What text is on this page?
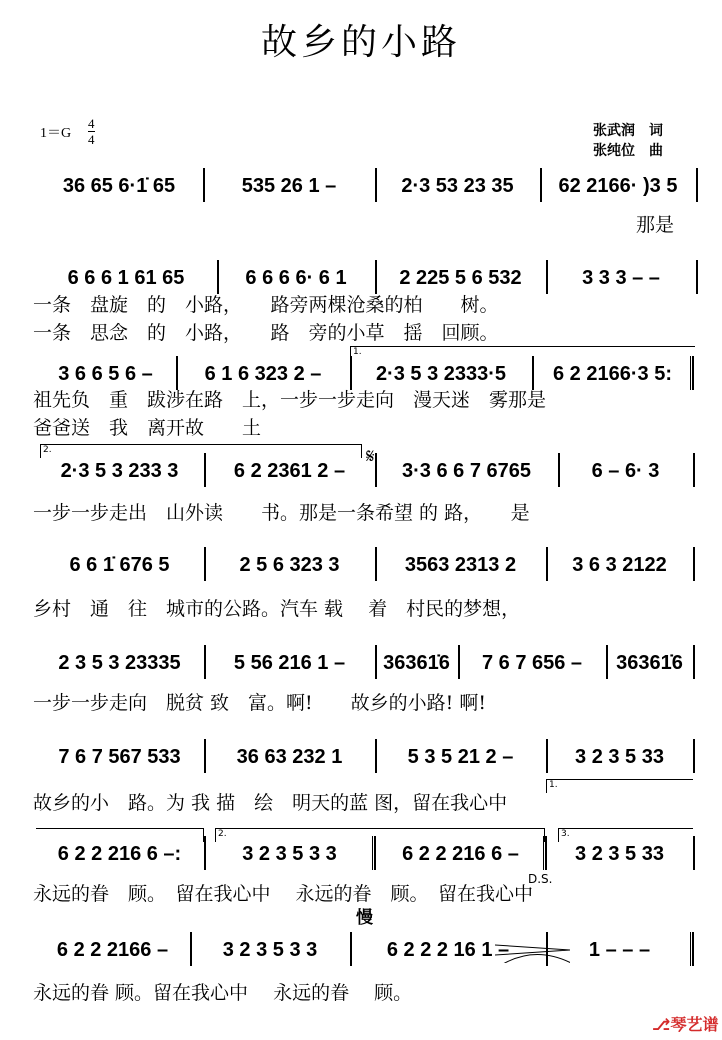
故乡的小路
1＝G
4
4
张武润　词
张纯位　曲
36 65 6·1̇ 65	535 26 1 –	2·3 53 23 35	62 2166· )3 5
那是
6 6 6 1 61 65	6 6 6 6· 6 1	2 225 5 6 532	3 3 3 – –
一条　盘旋　的　小路，　　路旁两棵沧桑的柏　　树。
一条　思念　的　小路，　　路　旁的小草　揺　回顾。
3 6 6 5 6 –	6 1 6 323 2 –	2·3 5 3 2333·5	6 2 2166·3 5:
祖先负　重　跋涉在路　上，一步一步走向　漫天迷　雾那是
爸爸送　我　离开故　　土
2·3 5 3 233 3	6 2 2361 2 –	3·3 6 6 7 6765	6 – 6· 3
一步一步走出　山外读　　书。那是一条希望 的 路，　　是
6 6 1̇ 676 5	2 5 6 323 3	3563 2313 2	3 6 3 2122
乡村　通　往　城市的公路。汽车 载　 着　村民的梦想，
2 3 5 3 23335	5 56 216 1 –	36361̇6	7 6 7 656 –	36361̇6
一步一步走向　脱贫 致　富。啊!　　故乡的小路! 啊!
7 6 7 567 533	36 63 232 1	5 3 5 21 2 –	3 2 3 5 33
故乡的小　路。为 我 描　绘　明天的蓝 图，留在我心中
6 2 2 216 6 –:	3 2 3 5 3 3	6 2 2 216 6 –	3 2 3 5 33
永远的眷　顾。　留在我心中　 永远的眷　顾。　留在我心中
6 2 2 2166 –	3 2 3 5 3 3	6 2 2 2 16 1 –	1 – – –
永远的眷 顾。留在我心中　 永远的眷　 顾。
1.
2.	𝄋
1.
2.	3.
D.S.
慢
⎇琴艺谱
